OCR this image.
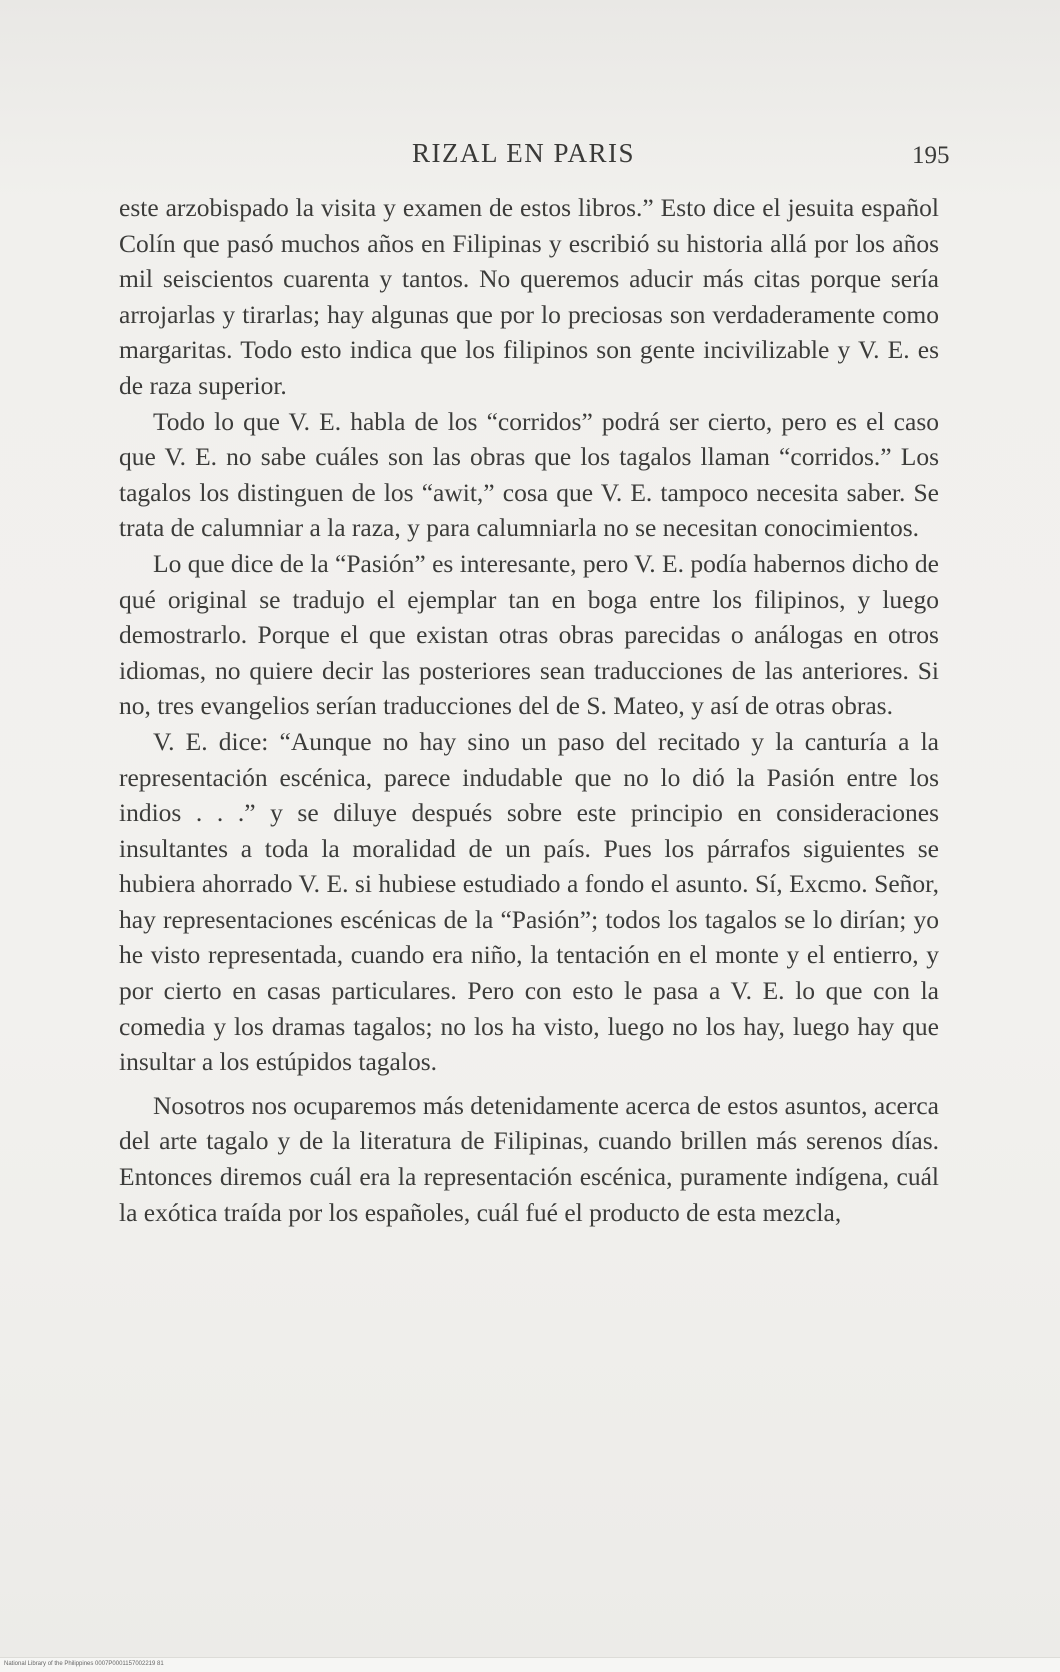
RIZAL EN PARIS	195

este arzobispado la visita y examen de estos libros.” Esto dice el jesuita español Colín que pasó muchos años en Filipinas y escribió su historia allá por los años mil seiscientos cuarenta y tantos. No queremos aducir más citas porque sería arrojarlas y tirarlas; hay algunas que por lo preciosas son verdaderamente como margaritas. Todo esto indica que los filipinos son gente incivilizable y V. E. es de raza superior.

Todo lo que V. E. habla de los “corridos” podrá ser cierto, pero es el caso que V. E. no sabe cuáles son las obras que los tagalos llaman “corridos.” Los tagalos los distinguen de los “awit,” cosa que V. E. tampoco necesita saber. Se trata de calumniar a la raza, y para calumniarla no se necesitan conocimientos.

Lo que dice de la “Pasión” es interesante, pero V. E. podía habernos dicho de qué original se tradujo el ejemplar tan en boga entre los filipinos, y luego demostrarlo. Porque el que existan otras obras parecidas o análogas en otros idiomas, no quiere decir las posteriores sean traducciones de las anteriores. Si no, tres evangelios serían traducciones del de S. Mateo, y así de otras obras.

V. E. dice: “Aunque no hay sino un paso del recitado y la canturía a la representación escénica, parece indudable que no lo dió la Pasión entre los indios . . .” y se diluye después sobre este principio en consideraciones insultantes a toda la moralidad de un país. Pues los párrafos siguientes se hubiera ahorrado V. E. si hubiese estudiado a fondo el asunto. Sí, Excmo. Señor, hay representaciones escénicas de la “Pasión”; todos los tagalos se lo dirían; yo he visto representada, cuando era niño, la tentación en el monte y el entierro, y por cierto en casas particulares. Pero con esto le pasa a V. E. lo que con la comedia y los dramas tagalos; no los ha visto, luego no los hay, luego hay que insultar a los estúpidos tagalos.

Nosotros nos ocuparemos más detenidamente acerca de estos asuntos, acerca del arte tagalo y de la literatura de Filipinas, cuando brillen más serenos días. Entonces diremos cuál era la representación escénica, puramente indígena, cuál la exótica traída por los españoles, cuál fué el producto de esta mezcla,

National Library of the Philippines 0007P0001157002219 81
